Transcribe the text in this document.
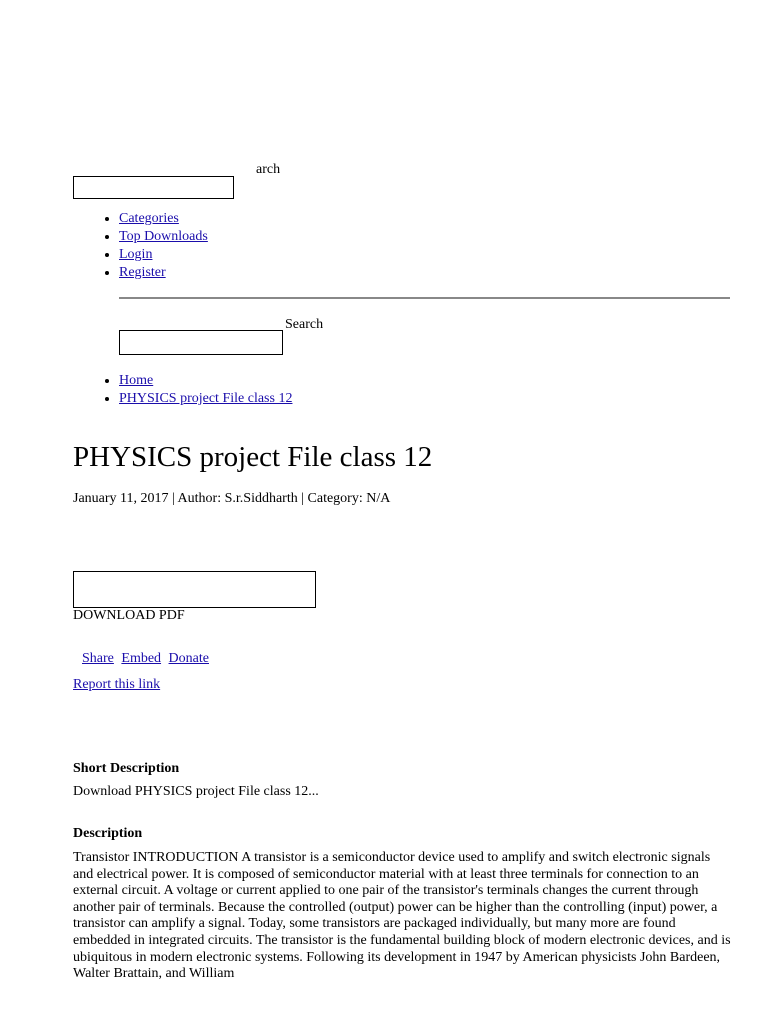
arch
• Categories
• Top Downloads
• Login
• Register
Search
• Home
• PHYSICS project File class 12
PHYSICS project File class 12
January 11, 2017 | Author: S.r.Siddharth | Category: N/A
DOWNLOAD PDF
Share Embed Donate
Report this link
Short Description
Download PHYSICS project File class 12...
Description
Transistor INTRODUCTION A transistor is a semiconductor device used to amplify and switch electronic signals and electrical power. It is composed of semiconductor material with at least three terminals for connection to an external circuit. A voltage or current applied to one pair of the transistor's terminals changes the current through another pair of terminals. Because the controlled (output) power can be higher than the controlling (input) power, a transistor can amplify a signal. Today, some transistors are packaged individually, but many more are found embedded in integrated circuits. The transistor is the fundamental building block of modern electronic devices, and is ubiquitous in modern electronic systems. Following its development in 1947 by American physicists John Bardeen, Walter Brattain, and William
